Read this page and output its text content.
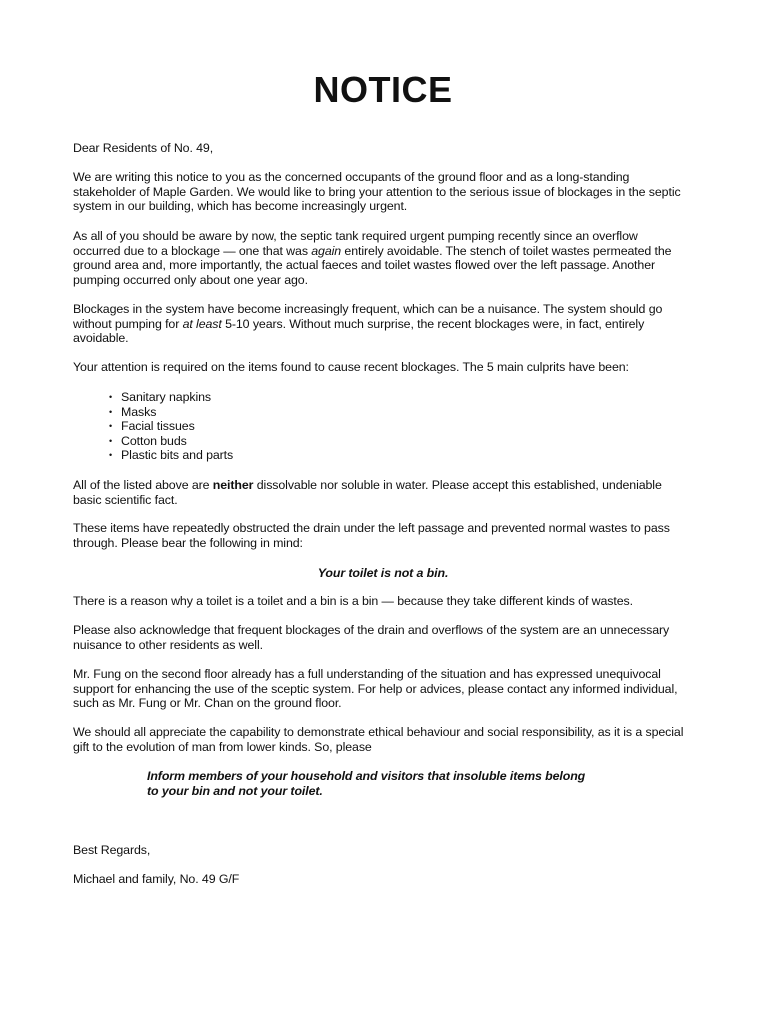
NOTICE

Dear Residents of No. 49,

We are writing this notice to you as the concerned occupants of the ground floor and as a long-standing stakeholder of Maple Garden. We would like to bring your attention to the serious issue of blockages in the septic system in our building, which has become increasingly urgent.

As all of you should be aware by now, the septic tank required urgent pumping recently since an overflow occurred due to a blockage — one that was again entirely avoidable. The stench of toilet wastes permeated the ground area and, more importantly, the actual faeces and toilet wastes flowed over the left passage. Another pumping occurred only about one year ago.

Blockages in the system have become increasingly frequent, which can be a nuisance. The system should go without pumping for at least 5-10 years. Without much surprise, the recent blockages were, in fact, entirely avoidable.

Your attention is required on the items found to cause recent blockages. The 5 main culprits have been:

• Sanitary napkins
• Masks
• Facial tissues
• Cotton buds
• Plastic bits and parts

All of the listed above are neither dissolvable nor soluble in water. Please accept this established, undeniable basic scientific fact.

These items have repeatedly obstructed the drain under the left passage and prevented normal wastes to pass through. Please bear the following in mind:

Your toilet is not a bin.

There is a reason why a toilet is a toilet and a bin is a bin — because they take different kinds of wastes.

Please also acknowledge that frequent blockages of the drain and overflows of the system are an unnecessary nuisance to other residents as well.

Mr. Fung on the second floor already has a full understanding of the situation and has expressed unequivocal support for enhancing the use of the sceptic system. For help or advices, please contact any informed individual, such as Mr. Fung or Mr. Chan on the ground floor.

We should all appreciate the capability to demonstrate ethical behaviour and social responsibility, as it is a special gift to the evolution of man from lower kinds. So, please

Inform members of your household and visitors that insoluble items belong
to your bin and not your toilet.

Best Regards,

Michael and family, No. 49 G/F
